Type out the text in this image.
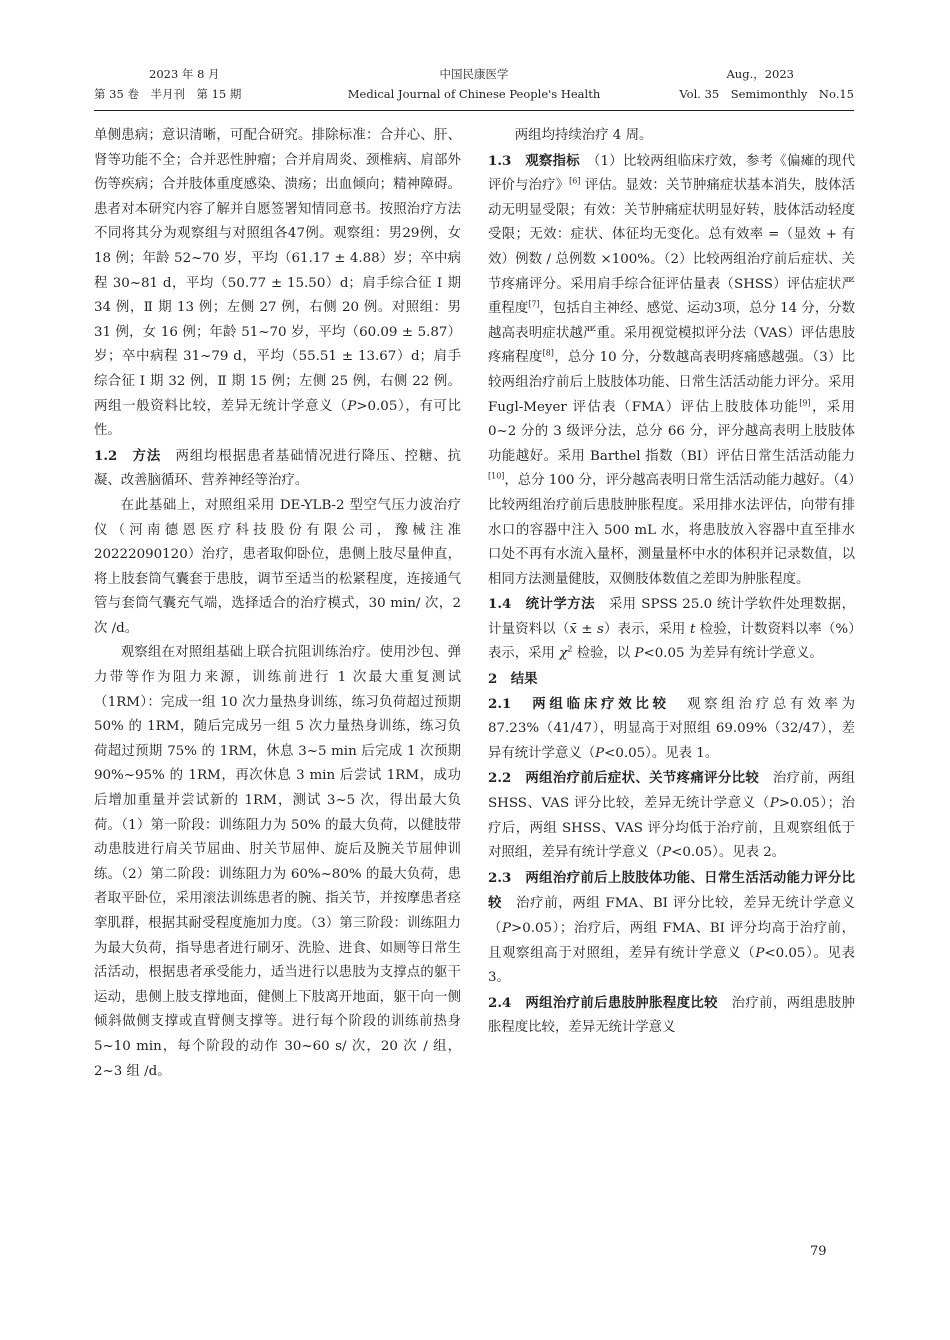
2023 年 8 月
第 35 卷　半月刊　第 15 期
中国民康医学
Medical Journal of Chinese People's Health
Aug.，2023
Vol. 35　Semimonthly　No.15

单侧患病；意识清晰，可配合研究。排除标准：合并心、肝、肾等功能不全；合并恶性肿瘤；合并肩周炎、颈椎病、肩部外伤等疾病；合并肢体重度感染、溃疡；出血倾向；精神障碍。患者对本研究内容了解并自愿签署知情同意书。按照治疗方法不同将其分为观察组与对照组各47例。观察组：男29例，女 18 例；年龄 52~70 岁，平均（61.17 ± 4.88）岁；卒中病程 30~81 d，平均（50.77 ± 15.50）d；肩手综合征 Ⅰ 期 34 例，Ⅱ 期 13 例；左侧 27 例，右侧 20 例。对照组：男 31 例，女 16 例；年龄 51~70 岁，平均（60.09 ± 5.87）岁；卒中病程 31~79 d，平均（55.51 ± 13.67）d；肩手综合征 Ⅰ 期 32 例，Ⅱ 期 15 例；左侧 25 例，右侧 22 例。两组一般资料比较，差异无统计学意义（P>0.05），有可比性。

1.2　方法　两组均根据患者基础情况进行降压、控糖、抗凝、改善脑循环、营养神经等治疗。

在此基础上，对照组采用 DE-YLB-2 型空气压力波治疗仪（河南德恩医疗科技股份有限公司，豫械注准 20222090120）治疗，患者取仰卧位，患侧上肢尽量伸直，将上肢套筒气囊套于患肢，调节至适当的松紧程度，连接通气管与套筒气囊充气端，选择适合的治疗模式，30 min/ 次，2 次 /d。

观察组在对照组基础上联合抗阻训练治疗。使用沙包、弹力带等作为阻力来源，训练前进行 1 次最大重复测试（1RM）：完成一组 10 次力量热身训练，练习负荷超过预期 50% 的 1RM，随后完成另一组 5 次力量热身训练，练习负荷超过预期 75% 的 1RM，休息 3~5 min 后完成 1 次预期 90%~95% 的 1RM，再次休息 3 min 后尝试 1RM，成功后增加重量并尝试新的 1RM，测试 3~5 次，得出最大负荷。（1）第一阶段：训练阻力为 50% 的最大负荷，以健肢带动患肢进行肩关节屈曲、肘关节屈伸、旋后及腕关节屈伸训练。（2）第二阶段：训练阻力为 60%~80% 的最大负荷，患者取平卧位，采用滚法训练患者的腕、指关节，并按摩患者痉挛肌群，根据其耐受程度施加力度。（3）第三阶段：训练阻力为最大负荷，指导患者进行刷牙、洗脸、进食、如厕等日常生活活动，根据患者承受能力，适当进行以患肢为支撑点的躯干运动，患侧上肢支撑地面，健侧上下肢离开地面，躯干向一侧倾斜做侧支撑或直臂侧支撑等。进行每个阶段的训练前热身 5~10 min，每个阶段的动作 30~60 s/ 次，20 次 / 组，2~3 组 /d。

两组均持续治疗 4 周。

1.3　观察指标　（1）比较两组临床疗效，参考《偏瘫的现代评价与治疗》[6] 评估。显效：关节肿痛症状基本消失，肢体活动无明显受限；有效：关节肿痛症状明显好转，肢体活动轻度受限；无效：症状、体征均无变化。总有效率 =（显效 + 有效）例数 / 总例数 ×100%。（2）比较两组治疗前后症状、关节疼痛评分。采用肩手综合征评估量表（SHSS）评估症状严重程度[7]，包括自主神经、感觉、运动3项，总分 14 分，分数越高表明症状越严重。采用视觉模拟评分法（VAS）评估患肢疼痛程度[8]，总分 10 分，分数越高表明疼痛感越强。（3）比较两组治疗前后上肢肢体功能、日常生活活动能力评分。采用 Fugl-Meyer 评估表（FMA）评估上肢肢体功能[9]，采用 0~2 分的 3 级评分法，总分 66 分，评分越高表明上肢肢体功能越好。采用 Barthel 指数（BI）评估日常生活活动能力[10]，总分 100 分，评分越高表明日常生活活动能力越好。（4）比较两组治疗前后患肢肿胀程度。采用排水法评估，向带有排水口的容器中注入 500 mL 水，将患肢放入容器中直至排水口处不再有水流入量杯，测量量杯中水的体积并记录数值，以相同方法测量健肢，双侧肢体数值之差即为肿胀程度。

1.4　统计学方法　采用 SPSS 25.0 统计学软件处理数据，计量资料以（x̄ ± s）表示，采用 t 检验，计数资料以率（%）表示，采用 $\chi^2$ 检验，以 P<0.05 为差异有统计学意义。

2　结果

2.1　两组临床疗效比较　观察组治疗总有效率为 87.23%（41/47），明显高于对照组 69.09%（32/47），差异有统计学意义（P<0.05）。见表 1。

2.2　两组治疗前后症状、关节疼痛评分比较　治疗前，两组 SHSS、VAS 评分比较，差异无统计学意义（P>0.05）；治疗后，两组 SHSS、VAS 评分均低于治疗前，且观察组低于对照组，差异有统计学意义（P<0.05）。见表 2。

2.3　两组治疗前后上肢肢体功能、日常生活活动能力评分比较　治疗前，两组 FMA、BI 评分比较，差异无统计学意义（P>0.05）；治疗后，两组 FMA、BI 评分均高于治疗前，且观察组高于对照组，差异有统计学意义（P<0.05）。见表 3。

2.4　两组治疗前后患肢肿胀程度比较　治疗前，两组患肢肿胀程度比较，差异无统计学意义

79
